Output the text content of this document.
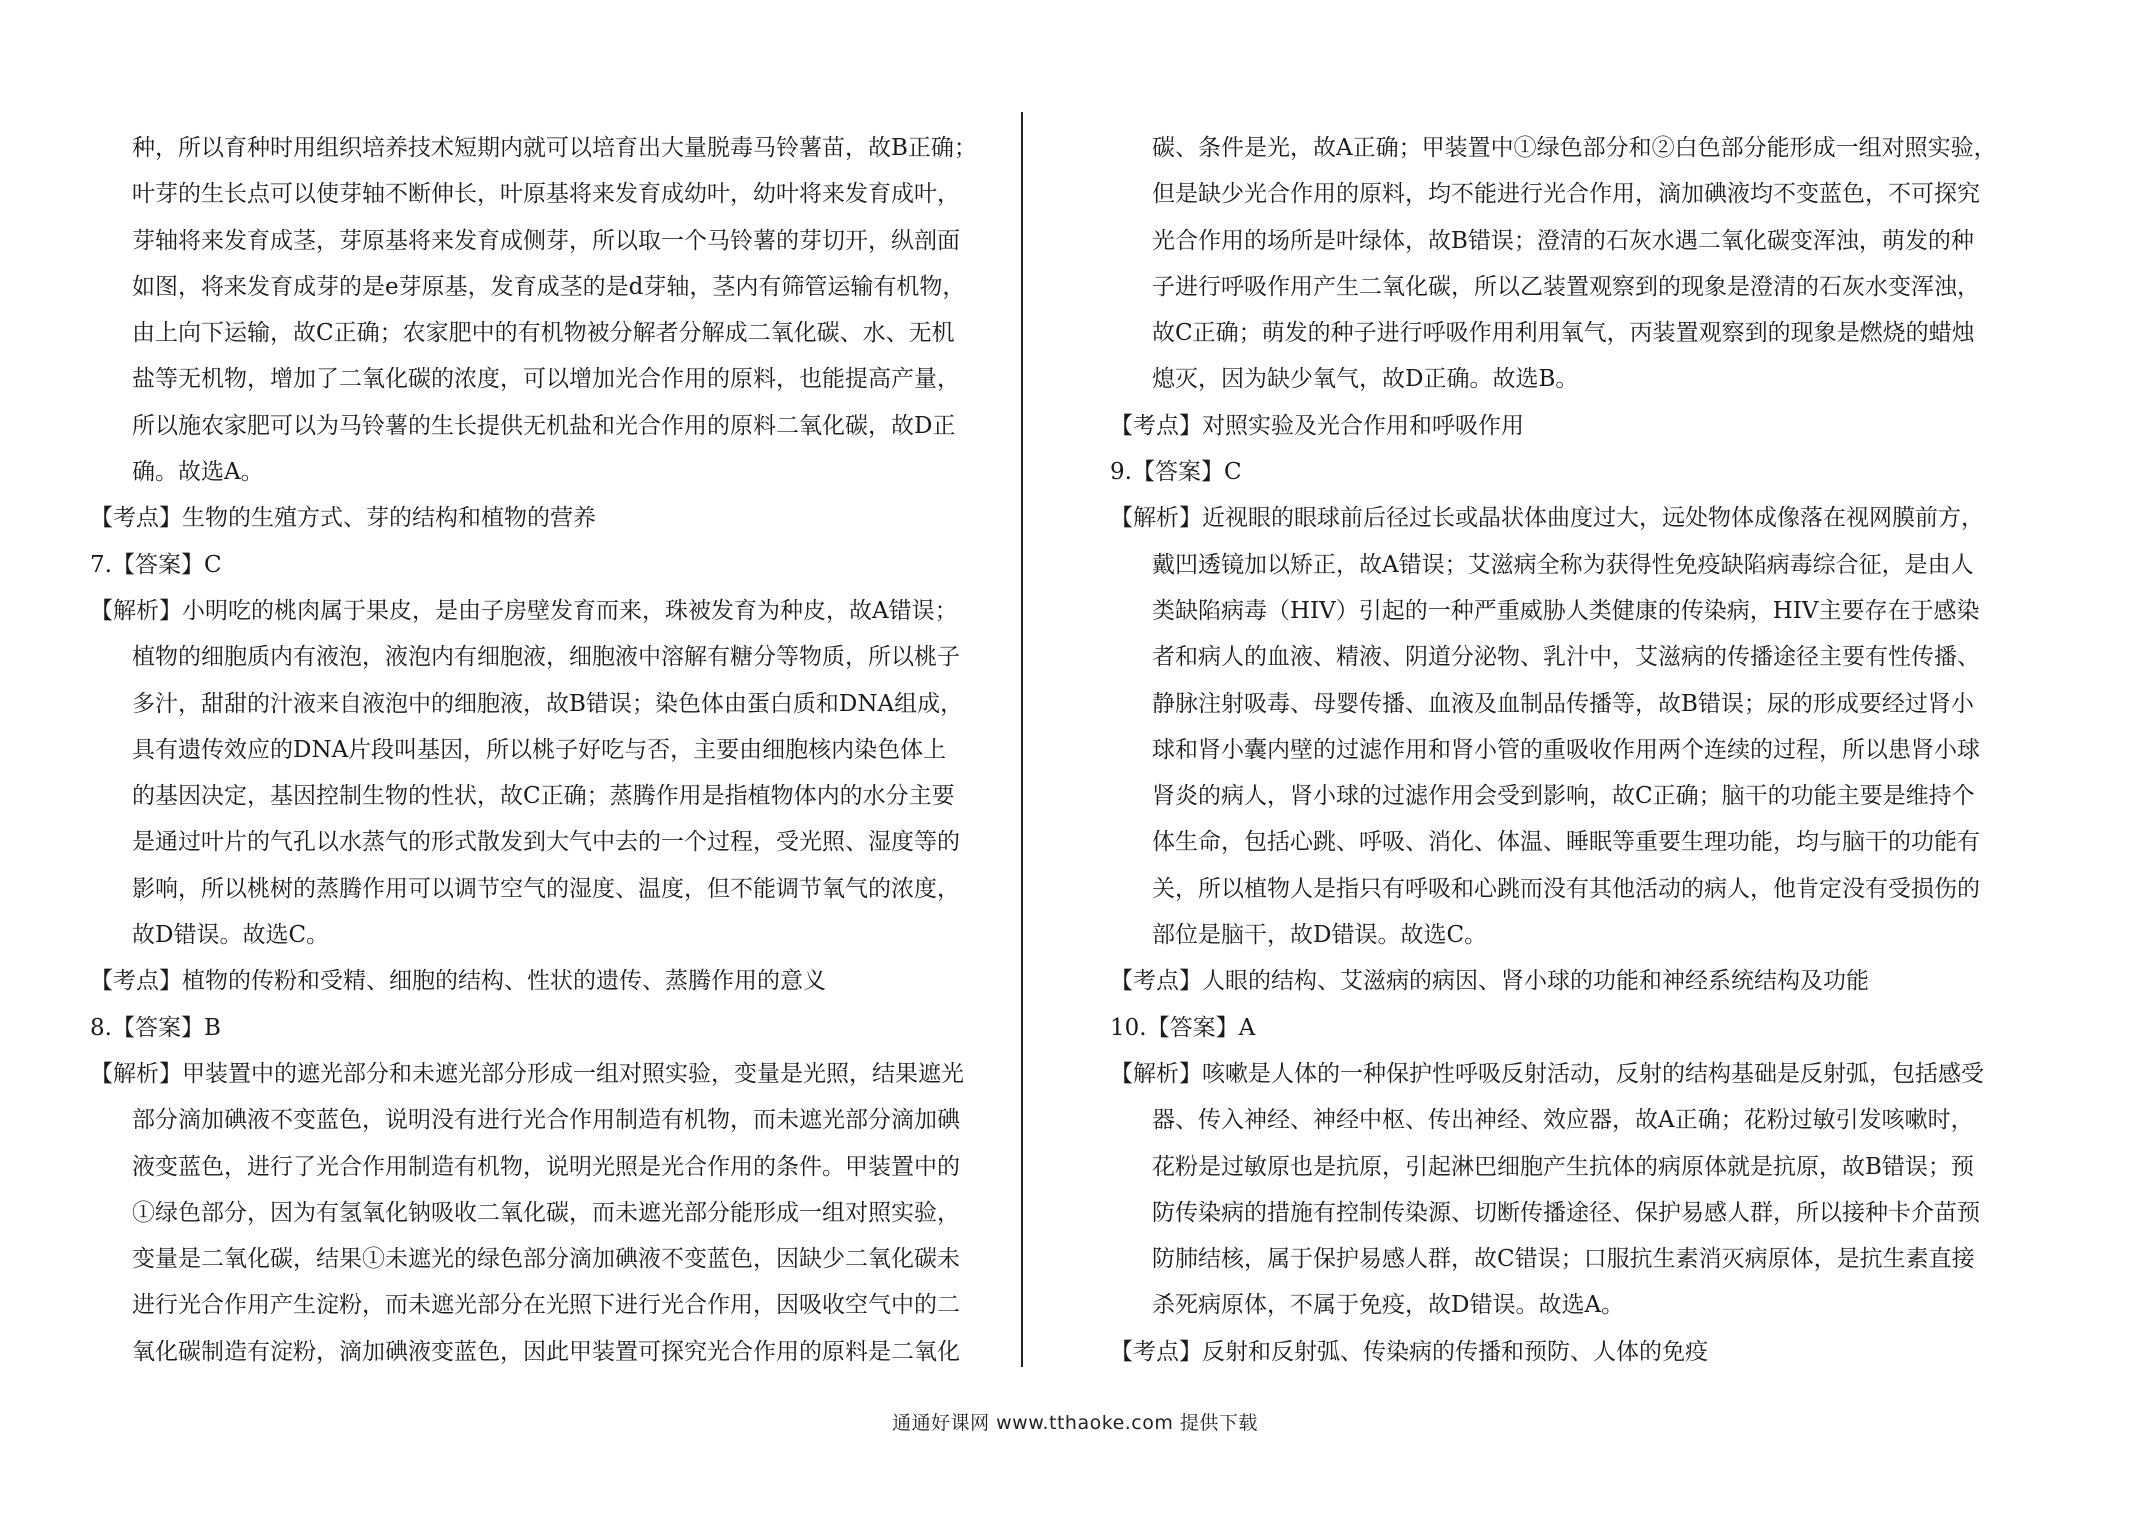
种，所以育种时用组织培养技术短期内就可以培育出大量脱毒马铃薯苗，故B正确；
叶芽的生长点可以使芽轴不断伸长，叶原基将来发育成幼叶，幼叶将来发育成叶，
芽轴将来发育成茎，芽原基将来发育成侧芽，所以取一个马铃薯的芽切开，纵剖面
如图，将来发育成芽的是e芽原基，发育成茎的是d芽轴，茎内有筛管运输有机物，
由上向下运输，故C正确；农家肥中的有机物被分解者分解成二氧化碳、水、无机
盐等无机物，增加了二氧化碳的浓度，可以增加光合作用的原料，也能提高产量，
所以施农家肥可以为马铃薯的生长提供无机盐和光合作用的原料二氧化碳，故D正
确。故选A。
【考点】生物的生殖方式、芽的结构和植物的营养
7.【答案】C
【解析】小明吃的桃肉属于果皮，是由子房壁发育而来，珠被发育为种皮，故A错误；
植物的细胞质内有液泡，液泡内有细胞液，细胞液中溶解有糖分等物质，所以桃子
多汁，甜甜的汁液来自液泡中的细胞液，故B错误；染色体由蛋白质和DNA组成，
具有遗传效应的DNA片段叫基因，所以桃子好吃与否，主要由细胞核内染色体上
的基因决定，基因控制生物的性状，故C正确；蒸腾作用是指植物体内的水分主要
是通过叶片的气孔以水蒸气的形式散发到大气中去的一个过程，受光照、湿度等的
影响，所以桃树的蒸腾作用可以调节空气的湿度、温度，但不能调节氧气的浓度，
故D错误。故选C。
【考点】植物的传粉和受精、细胞的结构、性状的遗传、蒸腾作用的意义
8.【答案】B
【解析】甲装置中的遮光部分和未遮光部分形成一组对照实验，变量是光照，结果遮光
部分滴加碘液不变蓝色，说明没有进行光合作用制造有机物，而未遮光部分滴加碘
液变蓝色，进行了光合作用制造有机物，说明光照是光合作用的条件。甲装置中的
①绿色部分，因为有氢氧化钠吸收二氧化碳，而未遮光部分能形成一组对照实验，
变量是二氧化碳，结果①未遮光的绿色部分滴加碘液不变蓝色，因缺少二氧化碳未
进行光合作用产生淀粉，而未遮光部分在光照下进行光合作用，因吸收空气中的二
氧化碳制造有淀粉，滴加碘液变蓝色，因此甲装置可探究光合作用的原料是二氧化
碳、条件是光，故A正确；甲装置中①绿色部分和②白色部分能形成一组对照实验，
但是缺少光合作用的原料，均不能进行光合作用，滴加碘液均不变蓝色，不可探究
光合作用的场所是叶绿体，故B错误；澄清的石灰水遇二氧化碳变浑浊，萌发的种
子进行呼吸作用产生二氧化碳，所以乙装置观察到的现象是澄清的石灰水变浑浊，
故C正确；萌发的种子进行呼吸作用利用氧气，丙装置观察到的现象是燃烧的蜡烛
熄灭，因为缺少氧气，故D正确。故选B。
【考点】对照实验及光合作用和呼吸作用
9.【答案】C
【解析】近视眼的眼球前后径过长或晶状体曲度过大，远处物体成像落在视网膜前方，
戴凹透镜加以矫正，故A错误；艾滋病全称为获得性免疫缺陷病毒综合征，是由人
类缺陷病毒（HIV）引起的一种严重威胁人类健康的传染病，HIV主要存在于感染
者和病人的血液、精液、阴道分泌物、乳汁中，艾滋病的传播途径主要有性传播、
静脉注射吸毒、母婴传播、血液及血制品传播等，故B错误；尿的形成要经过肾小
球和肾小囊内壁的过滤作用和肾小管的重吸收作用两个连续的过程，所以患肾小球
肾炎的病人，肾小球的过滤作用会受到影响，故C正确；脑干的功能主要是维持个
体生命，包括心跳、呼吸、消化、体温、睡眠等重要生理功能，均与脑干的功能有
关，所以植物人是指只有呼吸和心跳而没有其他活动的病人，他肯定没有受损伤的
部位是脑干，故D错误。故选C。
【考点】人眼的结构、艾滋病的病因、肾小球的功能和神经系统结构及功能
10.【答案】A
【解析】咳嗽是人体的一种保护性呼吸反射活动，反射的结构基础是反射弧，包括感受
器、传入神经、神经中枢、传出神经、效应器，故A正确；花粉过敏引发咳嗽时，
花粉是过敏原也是抗原，引起淋巴细胞产生抗体的病原体就是抗原，故B错误；预
防传染病的措施有控制传染源、切断传播途径、保护易感人群，所以接种卡介苗预
防肺结核，属于保护易感人群，故C错误；口服抗生素消灭病原体，是抗生素直接
杀死病原体，不属于免疫，故D错误。故选A。
【考点】反射和反射弧、传染病的传播和预防、人体的免疫
通通好课网 www.tthaoke.com 提供下载
